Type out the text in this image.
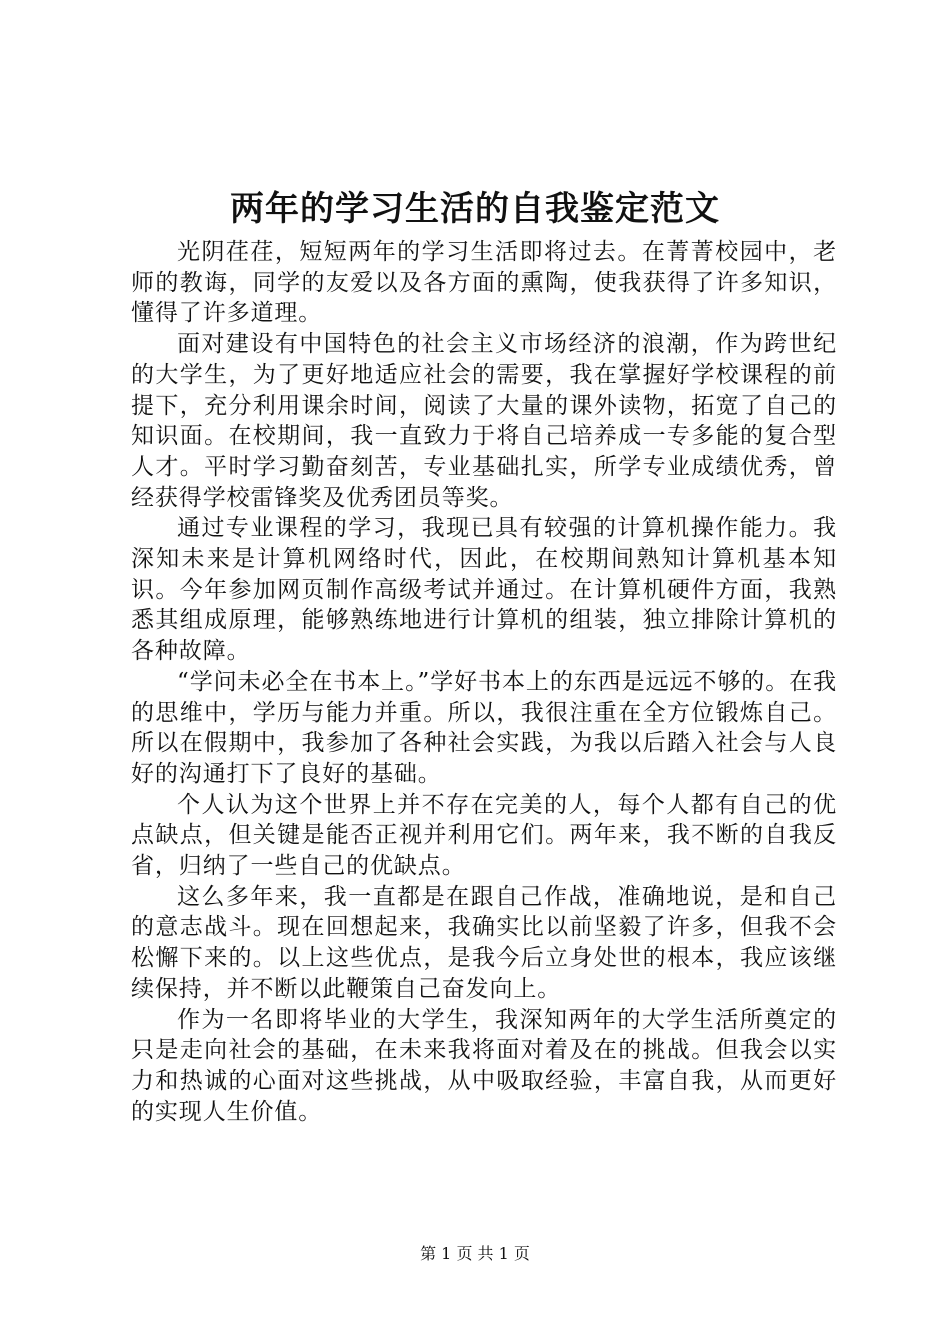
两年的学习生活的自我鉴定范文

光阴荏荏，短短两年的学习生活即将过去。在菁菁校园中，老师的教诲，同学的友爱以及各方面的熏陶，使我获得了许多知识，懂得了许多道理。

面对建设有中国特色的社会主义市场经济的浪潮，作为跨世纪的大学生，为了更好地适应社会的需要，我在掌握好学校课程的前提下，充分利用课余时间，阅读了大量的课外读物，拓宽了自己的知识面。在校期间，我一直致力于将自己培养成一专多能的复合型人才。平时学习勤奋刻苦，专业基础扎实，所学专业成绩优秀，曾经获得学校雷锋奖及优秀团员等奖。

通过专业课程的学习，我现已具有较强的计算机操作能力。我深知未来是计算机网络时代，因此，在校期间熟知计算机基本知识。今年参加网页制作高级考试并通过。在计算机硬件方面，我熟悉其组成原理，能够熟练地进行计算机的组装，独立排除计算机的各种故障。

“学问未必全在书本上。”学好书本上的东西是远远不够的。在我的思维中，学历与能力并重。所以，我很注重在全方位锻炼自己。所以在假期中，我参加了各种社会实践，为我以后踏入社会与人良好的沟通打下了良好的基础。

个人认为这个世界上并不存在完美的人，每个人都有自己的优点缺点，但关键是能否正视并利用它们。两年来，我不断的自我反省，归纳了一些自己的优缺点。

这么多年来，我一直都是在跟自己作战，准确地说，是和自己的意志战斗。现在回想起来，我确实比以前坚毅了许多，但我不会松懈下来的。以上这些优点，是我今后立身处世的根本，我应该继续保持，并不断以此鞭策自己奋发向上。

作为一名即将毕业的大学生，我深知两年的大学生活所奠定的只是走向社会的基础，在未来我将面对着及在的挑战。但我会以实力和热诚的心面对这些挑战，从中吸取经验，丰富自我，从而更好的实现人生价值。

第 1 页 共 1 页
